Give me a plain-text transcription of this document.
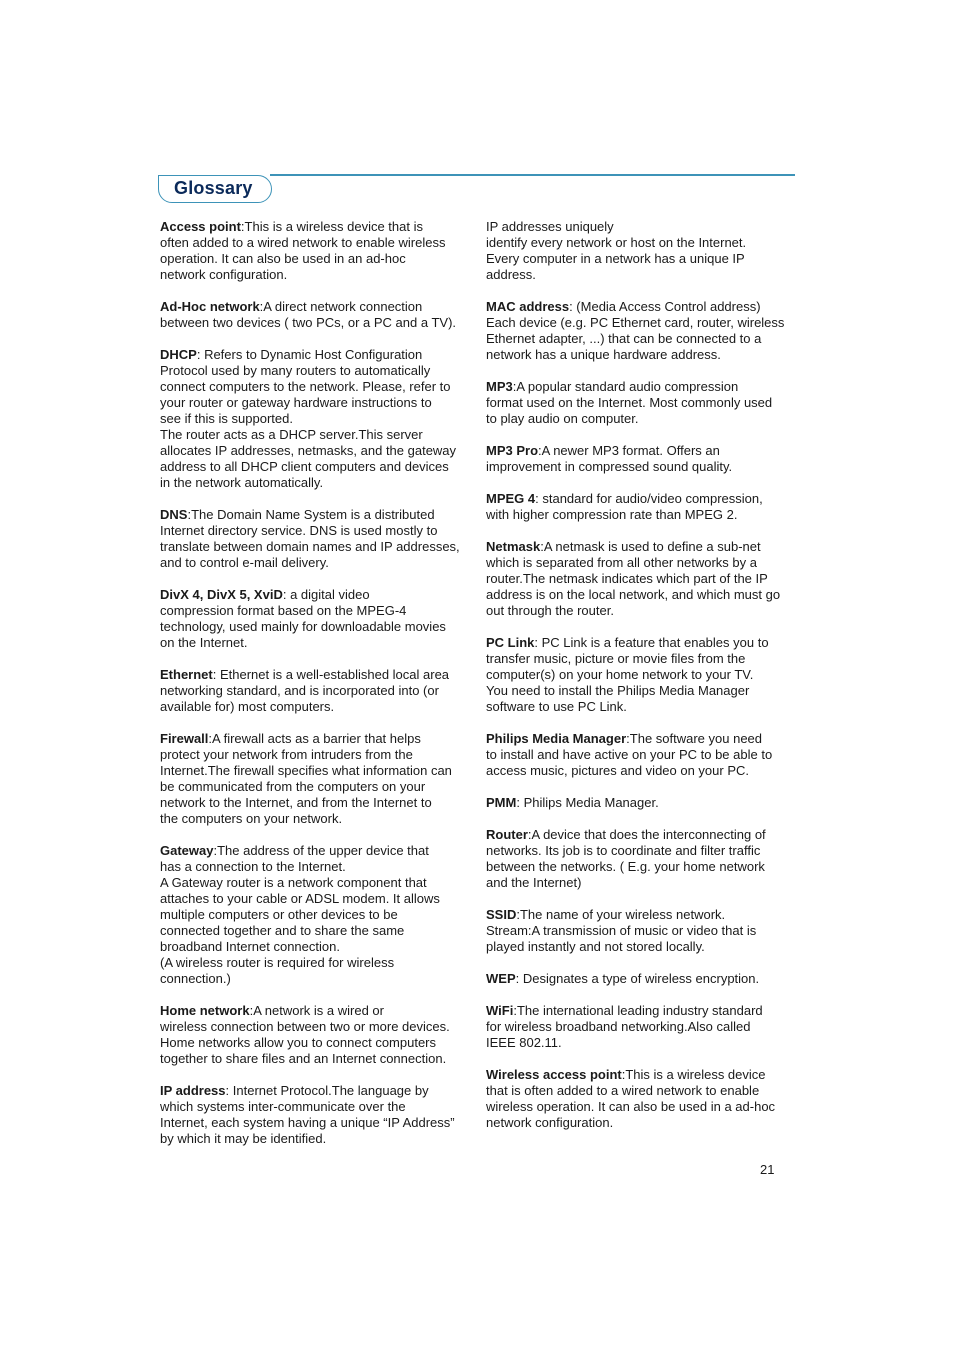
Glossary

Access point:This is a wireless device that is

often added to a wired network to enable wireless

operation. It can also be used in an ad-hoc

network configuration.

Ad-Hoc network:A direct network connection

between two devices ( two PCs, or a PC and a TV).

DHCP: Refers to Dynamic Host Configuration

Protocol used by many routers to automatically

connect computers to the network. Please, refer to

your router or gateway hardware instructions to

see if this is supported.

The router acts as a DHCP server.This server

allocates IP addresses, netmasks, and the gateway

address to all DHCP client computers and devices

in the network automatically.

DNS:The Domain Name System is a distributed

Internet directory service. DNS is used mostly to

translate between domain names and IP addresses,

and to control e-mail delivery.

DivX 4, DivX 5, XviD: a digital video

compression format based on the MPEG-4

technology, used mainly for downloadable movies

on the Internet.

Ethernet: Ethernet is a well-established local area

networking standard, and is incorporated into (or

available for) most computers.

Firewall:A firewall acts as a barrier that helps

protect your network from intruders from the

Internet.The firewall specifies what information can

be communicated from the computers on your

network to the Internet, and from the Internet to

the computers on your network.

Gateway:The address of the upper device that

has a connection to the Internet.

A Gateway router is a network component that

attaches to your cable or ADSL modem. It allows

multiple computers or other devices to be

connected together and to share the same

broadband Internet connection.

(A wireless router is required for wireless

connection.)

Home network:A network is a wired or

wireless connection between two or more devices.

Home networks allow you to connect computers

together to share files and an Internet connection.

IP address: Internet Protocol.The language by

which systems inter-communicate over the

Internet, each system having a unique “IP Address”

by which it may be identified.

IP addresses uniquely

identify every network or host on the Internet.

Every computer in a network has a unique IP

address.

MAC address: (Media Access Control address)

Each device (e.g. PC Ethernet card, router, wireless

Ethernet adapter, ...) that can be connected to a

network has a unique hardware address.

MP3:A popular standard audio compression

format used on the Internet. Most commonly used

to play audio on computer.

MP3 Pro:A newer MP3 format. Offers an

improvement in compressed sound quality.

MPEG 4: standard for audio/video compression,

with higher compression rate than MPEG 2.

Netmask:A netmask is used to define a sub-net

which is separated from all other networks by a

router.The netmask indicates which part of the IP

address is on the local network, and which must go

out through the router.

PC Link: PC Link is a feature that enables you to

transfer music, picture or movie files from the

computer(s) on your home network to your TV.

You need to install the Philips Media Manager

software to use PC Link.

Philips Media Manager:The software you need

to install and have active on your PC to be able to

access music, pictures and video on your PC.

PMM: Philips Media Manager.

Router:A device that does the interconnecting of

networks. Its job is to coordinate and filter traffic

between the networks. ( E.g. your home network

and the Internet)

SSID:The name of your wireless network.

Stream:A transmission of music or video that is

played instantly and not stored locally.

WEP: Designates a type of wireless encryption.

WiFi:The international leading industry standard

for wireless broadband networking.Also called

IEEE 802.11.

Wireless access point:This is a wireless device

that is often added to a wired network to enable

wireless operation. It can also be used in a ad-hoc

network configuration.

21
